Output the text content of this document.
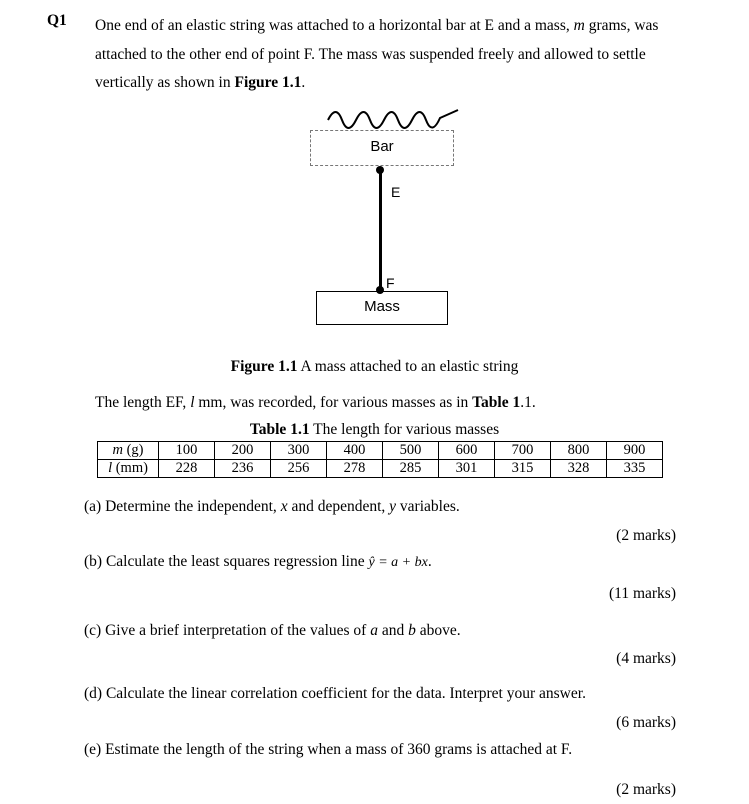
Q1 One end of an elastic string was attached to a horizontal bar at E and a mass, m grams, was
attached to the other end of point F. The mass was suspended freely and allowed to settle
vertically as shown in Figure 1.1.
Bar
E
F
Mass
Figure 1.1 A mass attached to an elastic string
The length EF, l mm, was recorded, for various masses as in Table 1.1.
Table 1.1 The length for various masses
m (g)	100	200	300	400	500	600	700	800	900
l (mm)	228	236	256	278	285	301	315	328	335
(a) Determine the independent, x and dependent, y variables.
(2 marks)
(b) Calculate the least squares regression line ŷ = a + bx.
(11 marks)
(c) Give a brief interpretation of the values of a and b above.
(4 marks)
(d) Calculate the linear correlation coefficient for the data. Interpret your answer.
(6 marks)
(e) Estimate the length of the string when a mass of 360 grams is attached at F.
(2 marks)
